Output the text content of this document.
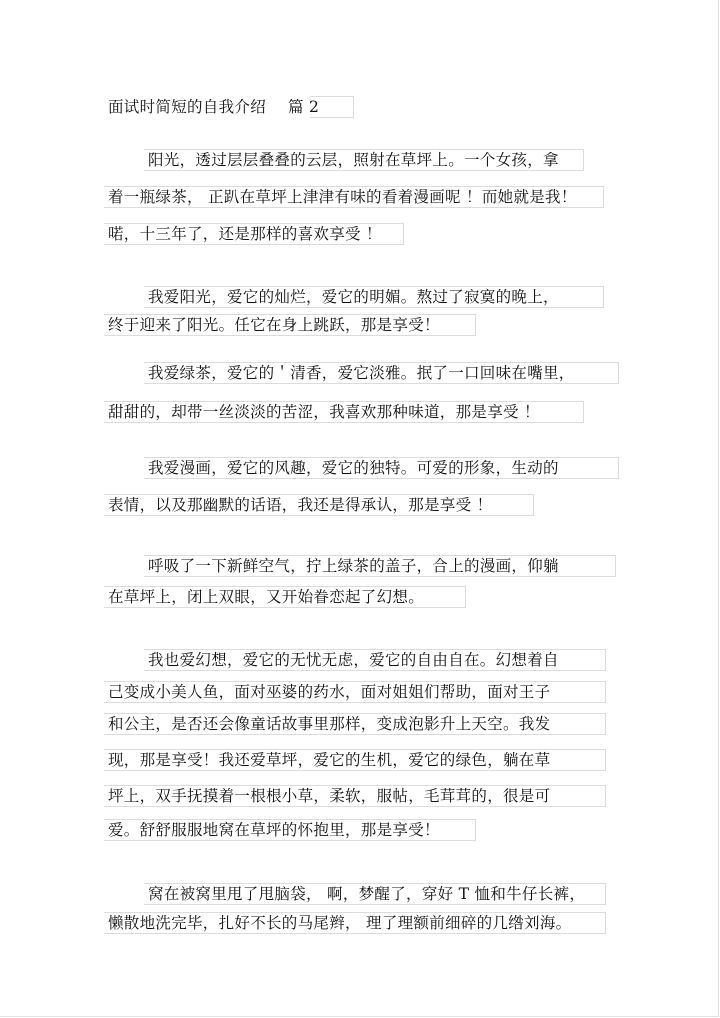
面试时简短的自我介绍 篇 2
阳光，透过层层叠叠的云层，照射在草坪上。一个女孩，拿
着一瓶绿茶， 正趴在草坪上津津有味的看着漫画呢 ！而她就是我！
喏，十三年了，还是那样的喜欢享受 ！
我爱阳光，爱它的灿烂，爱它的明媚。熬过了寂寞的晚上，
终于迎来了阳光。任它在身上跳跃，那是享受！
我爱绿茶，爱它的＇清香，爱它淡雅。抿了一口回味在嘴里，
甜甜的，却带一丝淡淡的苦涩，我喜欢那种味道，那是享受 ！
我爱漫画，爱它的风趣，爱它的独特。可爱的形象，生动的
表情，以及那幽默的话语，我还是得承认，那是享受 ！
呼吸了一下新鲜空气，拧上绿茶的盖子，合上的漫画，仰躺
在草坪上，闭上双眼，又开始眷恋起了幻想。
我也爱幻想，爱它的无忧无虑，爱它的自由自在。幻想着自
己变成小美人鱼，面对巫婆的药水，面对姐姐们帮助，面对王子
和公主，是否还会像童话故事里那样，变成泡影升上天空。我发
现，那是享受！我还爱草坪，爱它的生机，爱它的绿色，躺在草
坪上，双手抚摸着一根根小草，柔软，服帖，毛茸茸的，很是可
爱。舒舒服服地窝在草坪的怀抱里，那是享受！
窝在被窝里甩了甩脑袋， 啊，梦醒了，穿好 T 恤和牛仔长裤，
懒散地洗完毕，扎好不长的马尾辫， 理了理额前细碎的几绺刘海。
